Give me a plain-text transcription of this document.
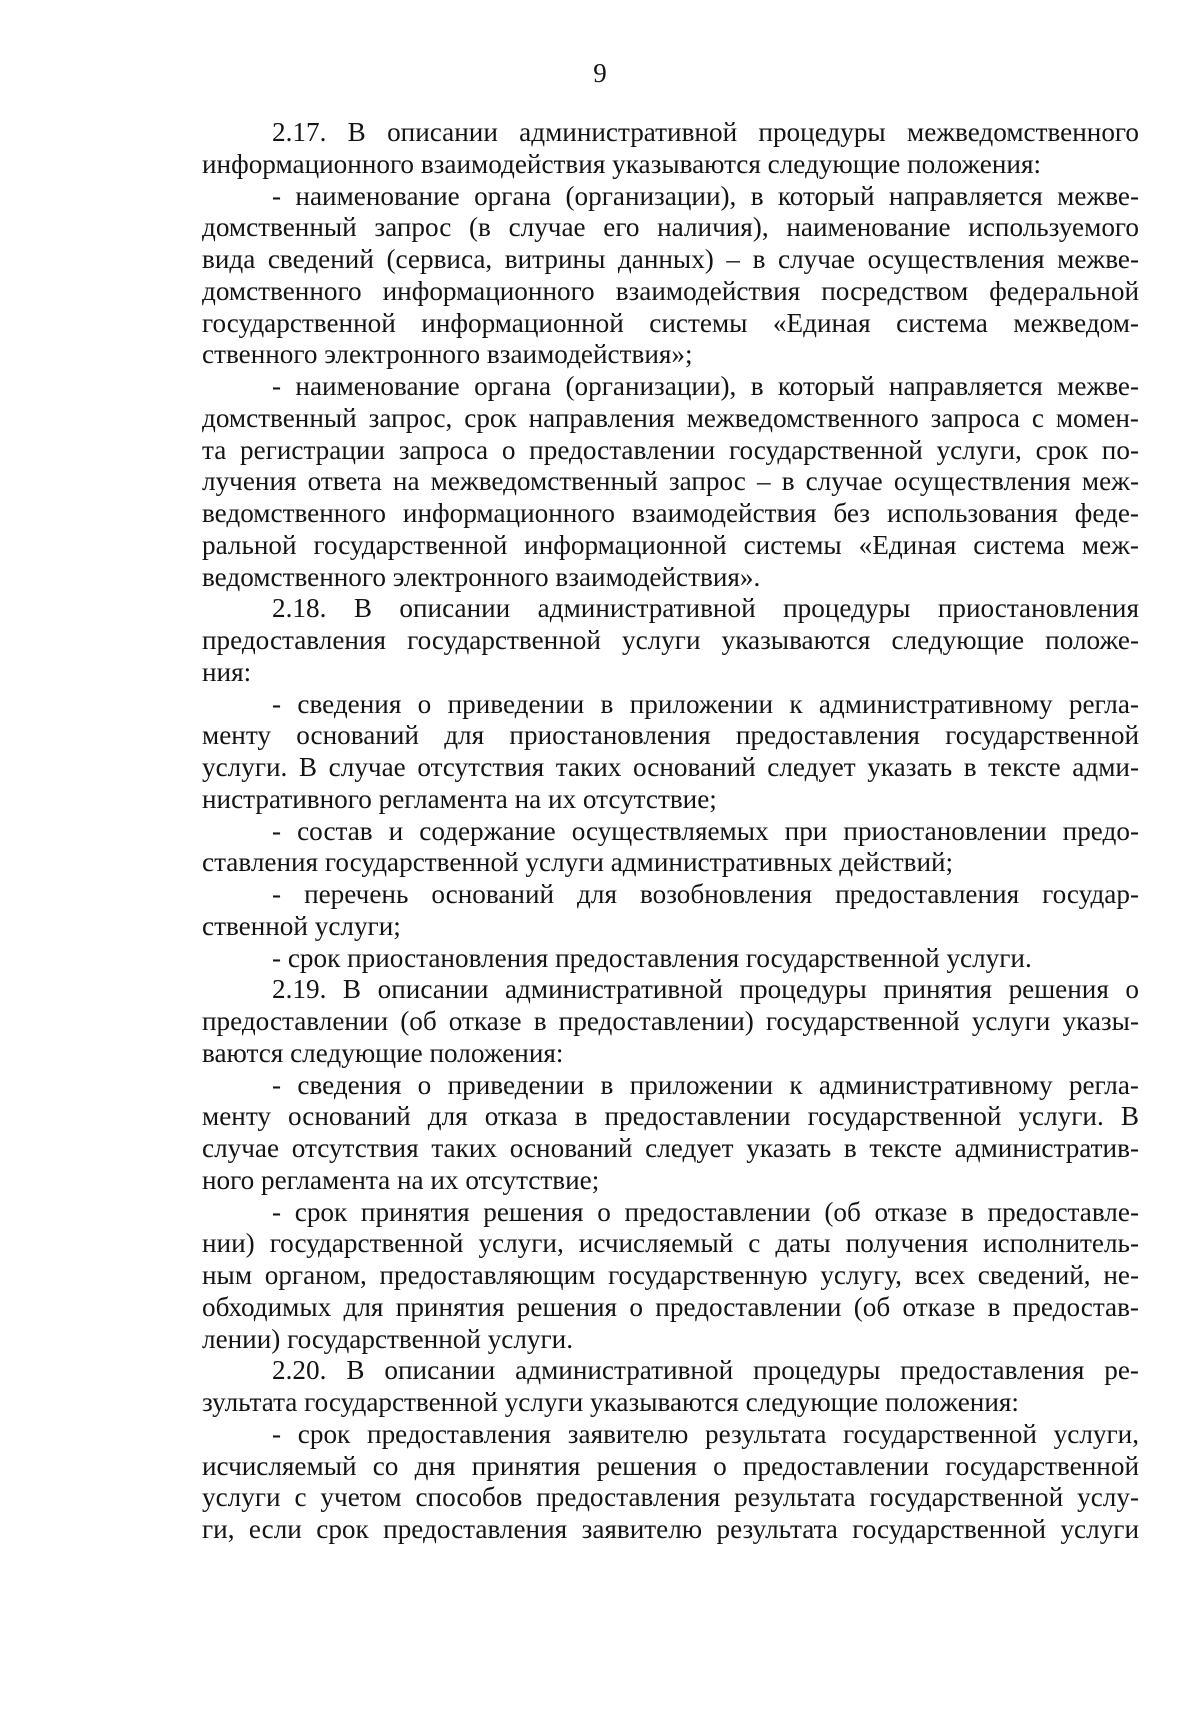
9
2.17. В описании административной процедуры межведомственного
информационного взаимодействия указываются следующие положения:
- наименование органа (организации), в который направляется межве-
домственный запрос (в случае его наличия), наименование используемого
вида сведений (сервиса, витрины данных) – в случае осуществления межве-
домственного информационного взаимодействия посредством федеральной
государственной информационной системы «Единая система межведом-
ственного электронного взаимодействия»;
- наименование органа (организации), в который направляется межве-
домственный запрос, срок направления межведомственного запроса с момен-
та регистрации запроса о предоставлении государственной услуги, срок по-
лучения ответа на межведомственный запрос – в случае осуществления меж-
ведомственного информационного взаимодействия без использования феде-
ральной государственной информационной системы «Единая система меж-
ведомственного электронного взаимодействия».
2.18. В описании административной процедуры приостановления
предоставления государственной услуги указываются следующие положе-
ния:
- сведения о приведении в приложении к административному регла-
менту оснований для приостановления предоставления государственной
услуги. В случае отсутствия таких оснований следует указать в тексте адми-
нистративного регламента на их отсутствие;
- состав и содержание осуществляемых при приостановлении предо-
ставления государственной услуги административных действий;
- перечень оснований для возобновления предоставления государ-
ственной услуги;
- срок приостановления предоставления государственной услуги.
2.19. В описании административной процедуры принятия решения о
предоставлении (об отказе в предоставлении) государственной услуги указы-
ваются следующие положения:
- сведения о приведении в приложении к административному регла-
менту оснований для отказа в предоставлении государственной услуги. В
случае отсутствия таких оснований следует указать в тексте административ-
ного регламента на их отсутствие;
- срок принятия решения о предоставлении (об отказе в предоставле-
нии) государственной услуги, исчисляемый с даты получения исполнитель-
ным органом, предоставляющим государственную услугу, всех сведений, не-
обходимых для принятия решения о предоставлении (об отказе в предостав-
лении) государственной услуги.
2.20. В описании административной процедуры предоставления ре-
зультата государственной услуги указываются следующие положения:
- срок предоставления заявителю результата государственной услуги,
исчисляемый со дня принятия решения о предоставлении государственной
услуги с учетом способов предоставления результата государственной услу-
ги, если срок предоставления заявителю результата государственной услуги
